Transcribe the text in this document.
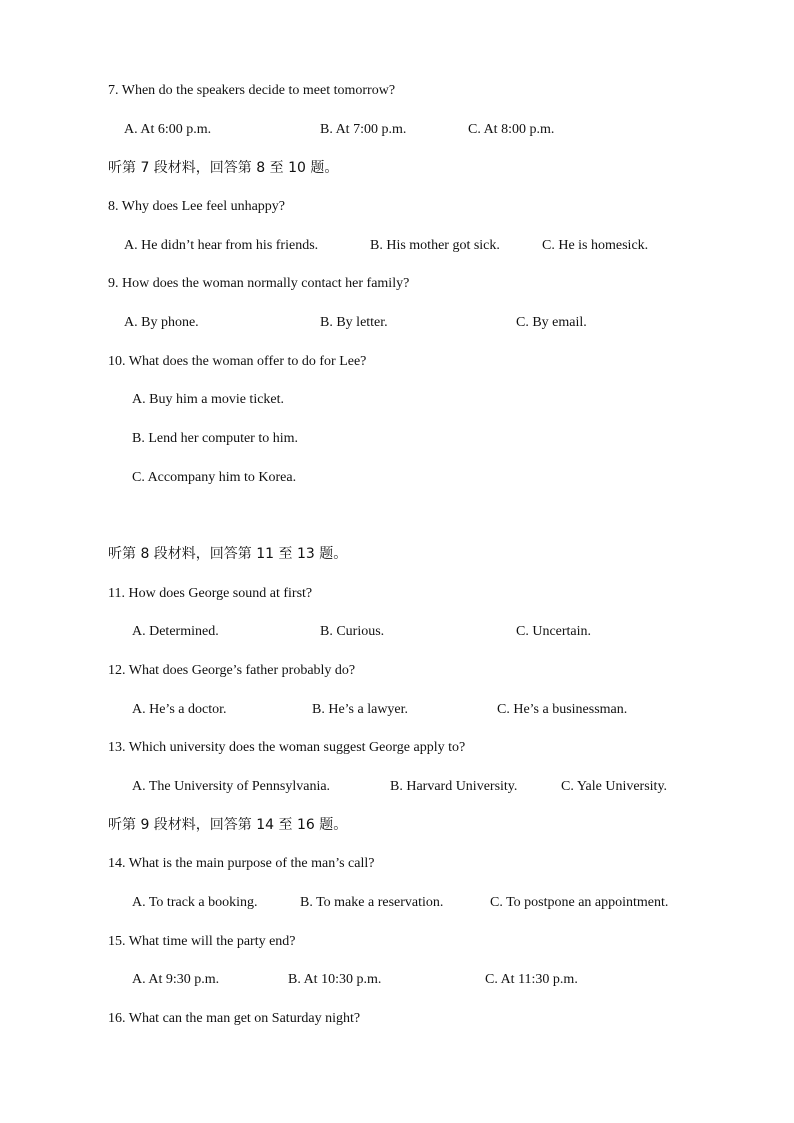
7. When do the speakers decide to meet tomorrow?
A. At 6:00 p.m.	B. At 7:00 p.m.	C. At 8:00 p.m.
听第 7 段材料，回答第 8 至 10 题。
8. Why does Lee feel unhappy?
A. He didn’t hear from his friends.	B. His mother got sick.	C. He is homesick.
9. How does the woman normally contact her family?
A. By phone.	B. By letter.	C. By email.
10. What does the woman offer to do for Lee?
A. Buy him a movie ticket.
B. Lend her computer to him.
C. Accompany him to Korea.
听第 8 段材料，回答第 11 至 13 题。
11. How does George sound at first?
A. Determined.	B. Curious.	C. Uncertain.
12. What does George’s father probably do?
A. He’s a doctor.	B. He’s a lawyer.	C. He’s a businessman.
13. Which university does the woman suggest George apply to?
A. The University of Pennsylvania.	B. Harvard University.	C. Yale University.
听第 9 段材料，回答第 14 至 16 题。
14. What is the main purpose of the man’s call?
A. To track a booking.	B. To make a reservation.	C. To postpone an appointment.
15. What time will the party end?
A. At 9:30 p.m.	B. At 10:30 p.m.	C. At 11:30 p.m.
16. What can the man get on Saturday night?
